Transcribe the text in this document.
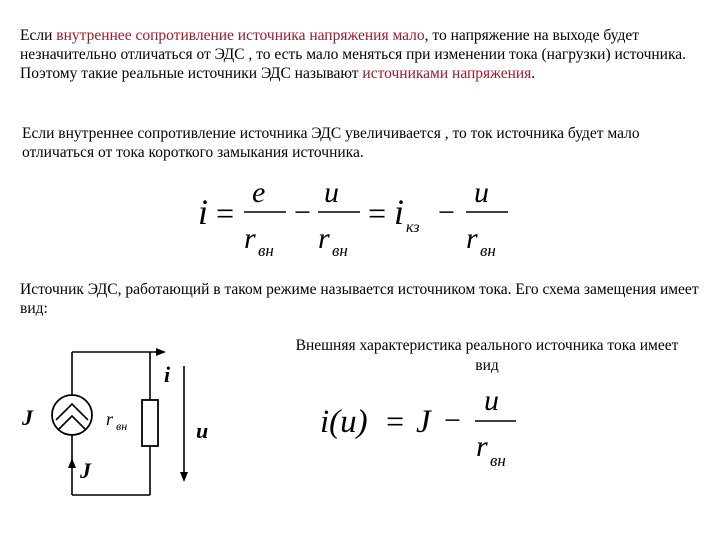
Если внутреннее сопротивление источника напряжения мало, то напряжение на выходе будет незначительно отличаться от ЭДС , то есть мало меняться при изменении тока (нагрузки) источника. Поэтому такие реальные источники ЭДС называют источниками напряжения.
Если внутреннее сопротивление источника ЭДС увеличивается , то ток источника будет мало отличаться от тока короткого замыкания источника.
i =
e
r вн
−
u
r вн
= i кз −
u
r вн
Источник ЭДС, работающий в таком режиме называется источником тока. Его схема замещения имеет вид:
Внешняя характеристика реального источника тока имеет вид
i(u) = J −
u
r вн
J
J
r вн
i
u
